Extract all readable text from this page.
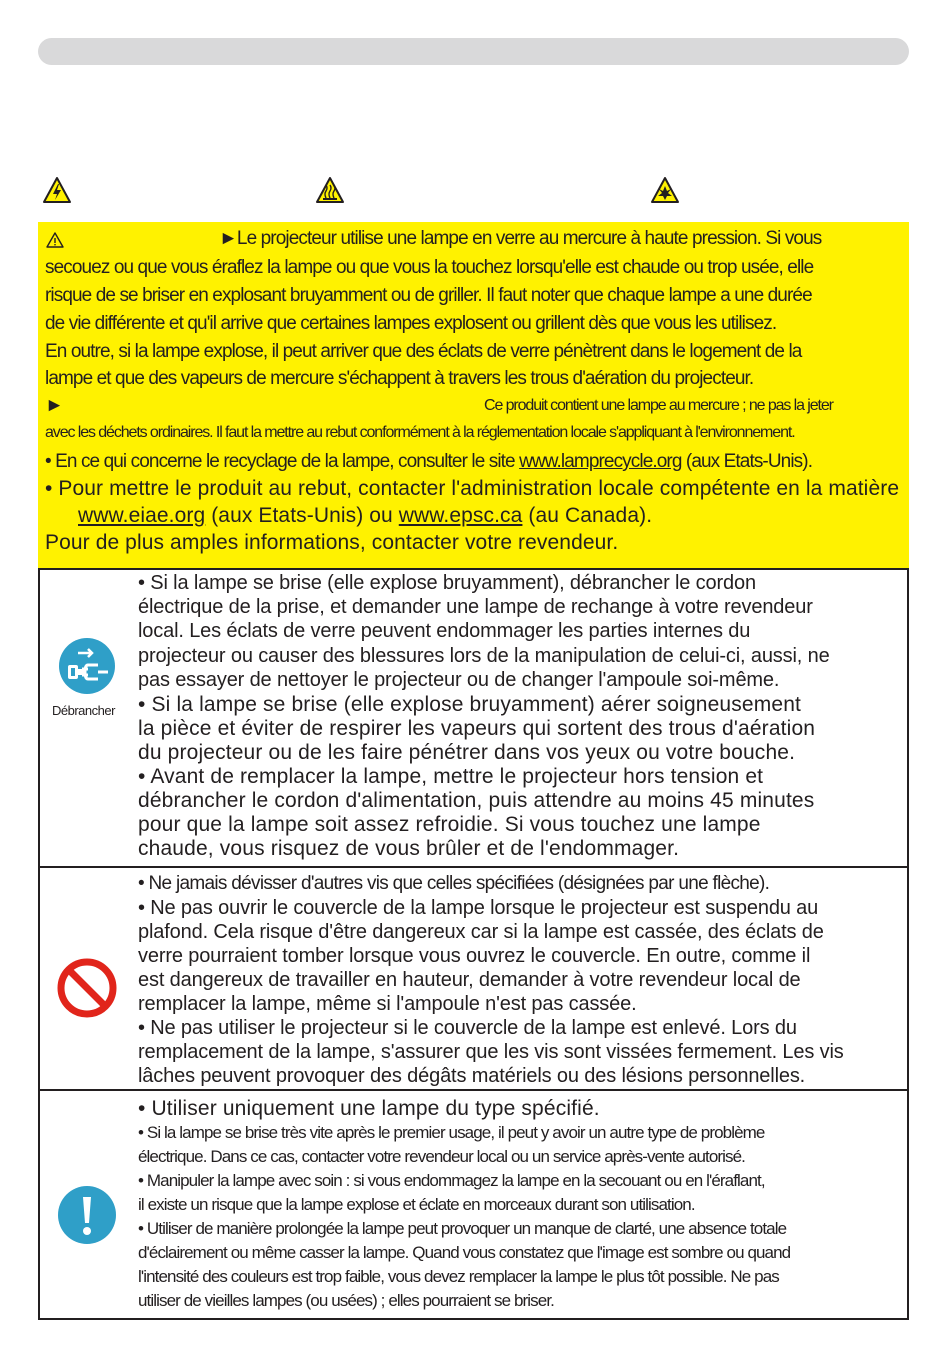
►Le projecteur utilise une lampe en verre au mercure à haute pression. Si vous
secouez ou que vous éraflez la lampe ou que vous la touchez lorsqu'elle est chaude ou trop usée, elle
risque de se briser en explosant bruyamment ou de griller. Il faut noter que chaque lampe a une durée
de vie différente et qu'il arrive que certaines lampes explosent ou grillent dès que vous les utilisez.
En outre, si la lampe explose, il peut arriver que des éclats de verre pénètrent dans le logement de la
lampe et que des vapeurs de mercure s'échappent à travers les trous d'aération du projecteur.
►	Ce produit contient une lampe au mercure ; ne pas la jeter
avec les déchets ordinaires. Il faut la mettre au rebut conformément à la réglementation locale s'appliquant à l'environnement.
• En ce qui concerne le recyclage de la lampe, consulter le site www.lamprecycle.org (aux Etats-Unis).
• Pour mettre le produit au rebut, contacter l'administration locale compétente en la matière
www.eiae.org (aux Etats-Unis) ou www.epsc.ca (au Canada).
Pour de plus amples informations, contacter votre revendeur.
Débrancher
• Si la lampe se brise (elle explose bruyamment), débrancher le cordon
électrique de la prise, et demander une lampe de rechange à votre revendeur
local. Les éclats de verre peuvent endommager les parties internes du
projecteur ou causer des blessures lors de la manipulation de celui-ci, aussi, ne
pas essayer de nettoyer le projecteur ou de changer l'ampoule soi-même.
• Si la lampe se brise (elle explose bruyamment) aérer soigneusement
la pièce et éviter de respirer les vapeurs qui sortent des trous d'aération
du projecteur ou de les faire pénétrer dans vos yeux ou votre bouche.
• Avant de remplacer la lampe, mettre le projecteur hors tension et
débrancher le cordon d'alimentation, puis attendre au moins 45 minutes
pour que la lampe soit assez refroidie. Si vous touchez une lampe
chaude, vous risquez de vous brûler et de l'endommager.
• Ne jamais dévisser d'autres vis que celles spécifiées (désignées par une flèche).
• Ne pas ouvrir le couvercle de la lampe lorsque le projecteur est suspendu au
plafond. Cela risque d'être dangereux car si la lampe est cassée, des éclats de
verre pourraient tomber lorsque vous ouvrez le couvercle. En outre, comme il
est dangereux de travailler en hauteur, demander à votre revendeur local de
remplacer la lampe, même si l'ampoule n'est pas cassée.
• Ne pas utiliser le projecteur si le couvercle de la lampe est enlevé. Lors du
remplacement de la lampe, s'assurer que les vis sont vissées fermement. Les vis
lâches peuvent provoquer des dégâts matériels ou des lésions personnelles.
• Utiliser uniquement une lampe du type spécifié.
• Si la lampe se brise très vite après le premier usage, il peut y avoir un autre type de problème
électrique. Dans ce cas, contacter votre revendeur local ou un service après-vente autorisé.
• Manipuler la lampe avec soin : si vous endommagez la lampe en la secouant ou en l'éraflant,
il existe un risque que la lampe explose et éclate en morceaux durant son utilisation.
• Utiliser de manière prolongée la lampe peut provoquer un manque de clarté, une absence totale
d'éclairement ou même casser la lampe. Quand vous constatez que l'image est sombre ou quand
l'intensité des couleurs est trop faible, vous devez remplacer la lampe le plus tôt possible. Ne pas
utiliser de vieilles lampes (ou usées) ; elles pourraient se briser.
